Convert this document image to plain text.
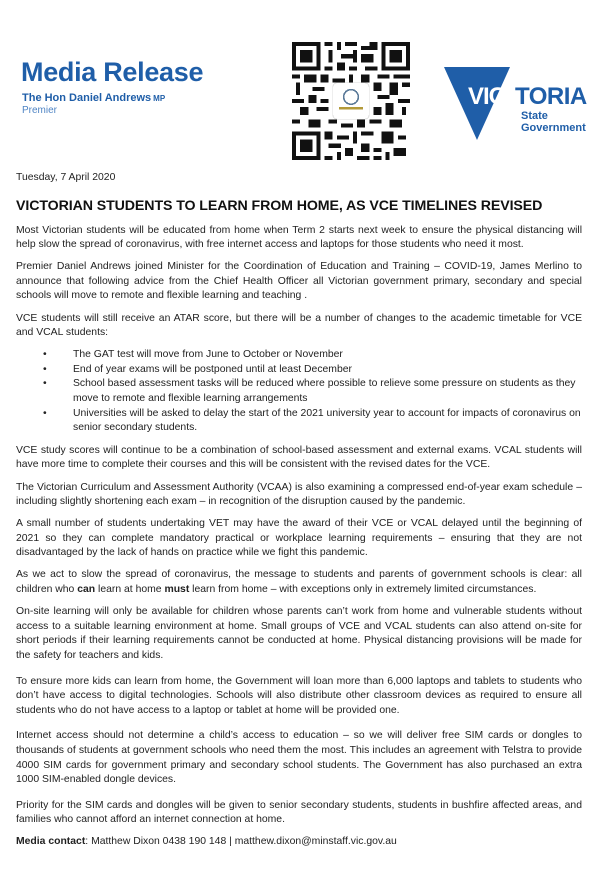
Media Release
The Hon Daniel Andrews MP
Premier
VIC TORIA
State
Government

Tuesday, 7 April 2020

VICTORIAN STUDENTS TO LEARN FROM HOME, AS VCE TIMELINES REVISED

Most Victorian students will be educated from home when Term 2 starts next week to ensure the physical distancing will help slow the spread of coronavirus, with free internet access and laptops for those students who need it most.

Premier Daniel Andrews joined Minister for the Coordination of Education and Training – COVID-19, James Merlino to announce that following advice from the Chief Health Officer all Victorian government primary, secondary and special schools will move to remote and flexible learning and teaching .

VCE students will still receive an ATAR score, but there will be a number of changes to the academic timetable for VCE and VCAL students:

• The GAT test will move from June to October or November
• End of year exams will be postponed until at least December
• School based assessment tasks will be reduced where possible to relieve some pressure on students as they move to remote and flexible learning arrangements
• Universities will be asked to delay the start of the 2021 university year to account for impacts of coronavirus on senior secondary students.

VCE study scores will continue to be a combination of school-based assessment and external exams. VCAL students will have more time to complete their courses and this will be consistent with the revised dates for the VCE.

The Victorian Curriculum and Assessment Authority (VCAA) is also examining a compressed end-of-year exam schedule – including slightly shortening each exam – in recognition of the disruption caused by the pandemic.

A small number of students undertaking VET may have the award of their VCE or VCAL delayed until the beginning of 2021 so they can complete mandatory practical or workplace learning requirements – ensuring that they are not disadvantaged by the lack of hands on practice while we fight this pandemic.

As we act to slow the spread of coronavirus, the message to students and parents of government schools is clear: all children who can learn at home must learn from home – with exceptions only in extremely limited circumstances.

On-site learning will only be available for children whose parents can’t work from home and vulnerable students without access to a suitable learning environment at home. Small groups of VCE and VCAL students can also attend on-site for short periods if their learning requirements cannot be conducted at home. Physical distancing provisions will be made for the safety for teachers and kids.

To ensure more kids can learn from home, the Government will loan more than 6,000 laptops and tablets to students who don’t have access to digital technologies. Schools will also distribute other classroom devices as required to ensure all students who do not have access to a laptop or tablet at home will be provided one.

Internet access should not determine a child’s access to education – so we will deliver free SIM cards or dongles to thousands of students at government schools who need them the most. This includes an agreement with Telstra to provide 4000 SIM cards for government primary and secondary school students. The Government has also purchased an extra 1000 SIM-enabled dongle devices.

Priority for the SIM cards and dongles will be given to senior secondary students, students in bushfire affected areas, and families who cannot afford an internet connection at home.

Media contact: Matthew Dixon 0438 190 148 | matthew.dixon@minstaff.vic.gov.au
